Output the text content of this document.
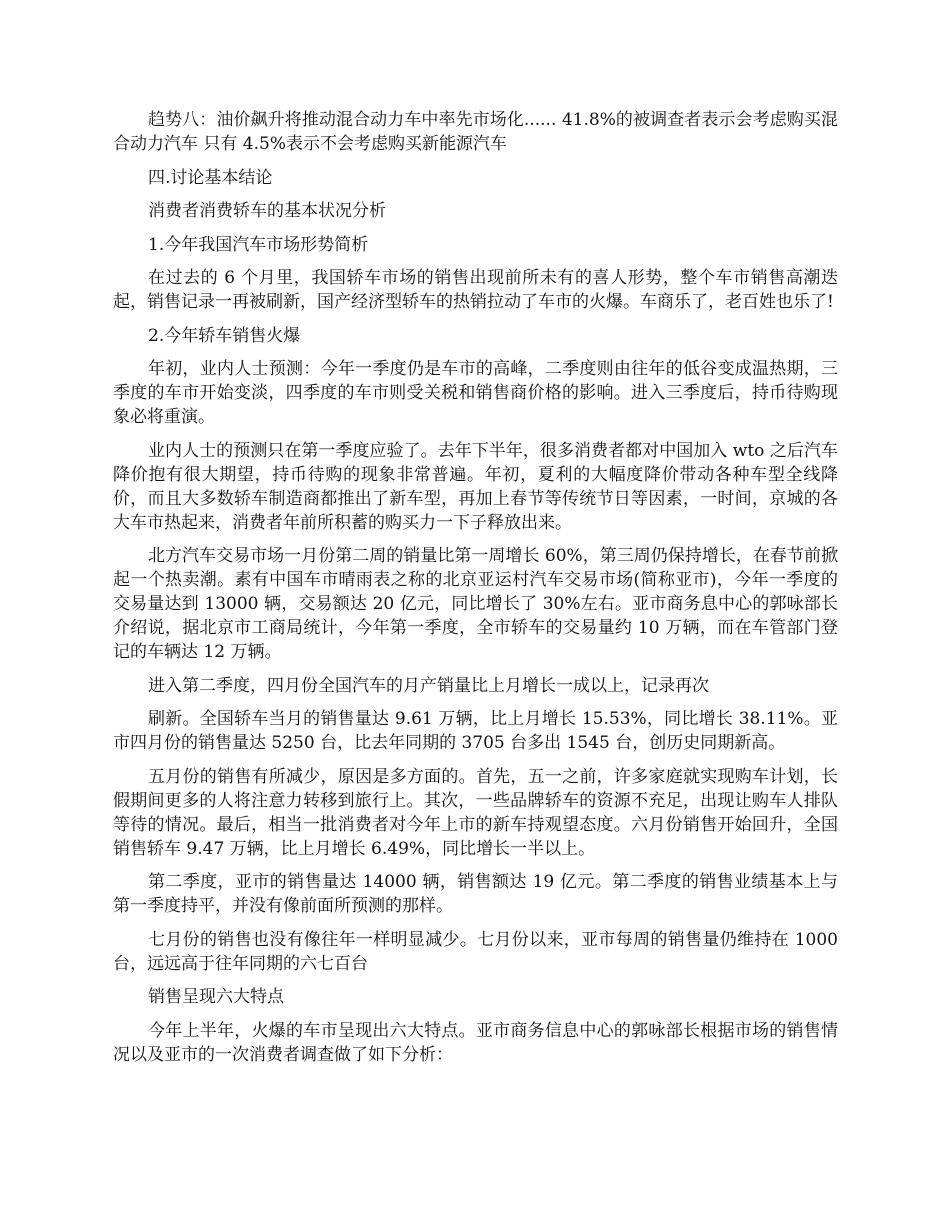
趋势八：油价飙升将推动混合动力车中率先市场化...... 41.8%的被调查者表示会考虑购买混合动力汽车 只有 4.5%表示不会考虑购买新能源汽车

四.讨论基本结论

消费者消费轿车的基本状况分析

1.今年我国汽车市场形势简析

在过去的 6 个月里，我国轿车市场的销售出现前所未有的喜人形势，整个车市销售高潮迭起，销售记录一再被刷新，国产经济型轿车的热销拉动了车市的火爆。车商乐了，老百姓也乐了!

2.今年轿车销售火爆

年初，业内人士预测：今年一季度仍是车市的高峰，二季度则由往年的低谷变成温热期，三季度的车市开始变淡，四季度的车市则受关税和销售商价格的影响。进入三季度后，持币待购现象必将重演。

业内人士的预测只在第一季度应验了。去年下半年，很多消费者都对中国加入 wto 之后汽车降价抱有很大期望，持币待购的现象非常普遍。年初，夏利的大幅度降价带动各种车型全线降价，而且大多数轿车制造商都推出了新车型，再加上春节等传统节日等因素，一时间，京城的各大车市热起来，消费者年前所积蓄的购买力一下子释放出来。

北方汽车交易市场一月份第二周的销量比第一周增长 60%，第三周仍保持增长，在春节前掀起一个热卖潮。素有中国车市晴雨表之称的北京亚运村汽车交易市场(简称亚市)，今年一季度的交易量达到 13000 辆，交易额达 20 亿元，同比增长了 30%左右。亚市商务息中心的郭咏部长介绍说，据北京市工商局统计，今年第一季度，全市轿车的交易量约 10 万辆，而在车管部门登记的车辆达 12 万辆。

进入第二季度，四月份全国汽车的月产销量比上月增长一成以上，记录再次

刷新。全国轿车当月的销售量达 9.61 万辆，比上月增长 15.53%，同比增长 38.11%。亚市四月份的销售量达 5250 台，比去年同期的 3705 台多出 1545 台，创历史同期新高。

五月份的销售有所减少，原因是多方面的。首先，五一之前，许多家庭就实现购车计划，长假期间更多的人将注意力转移到旅行上。其次，一些品牌轿车的资源不充足，出现让购车人排队等待的情况。最后，相当一批消费者对今年上市的新车持观望态度。六月份销售开始回升，全国销售轿车 9.47 万辆，比上月增长 6.49%，同比增长一半以上。

第二季度，亚市的销售量达 14000 辆，销售额达 19 亿元。第二季度的销售业绩基本上与第一季度持平，并没有像前面所预测的那样。

七月份的销售也没有像往年一样明显减少。七月份以来，亚市每周的销售量仍维持在 1000 台，远远高于往年同期的六七百台

销售呈现六大特点

今年上半年，火爆的车市呈现出六大特点。亚市商务信息中心的郭咏部长根据市场的销售情况以及亚市的一次消费者调查做了如下分析：
